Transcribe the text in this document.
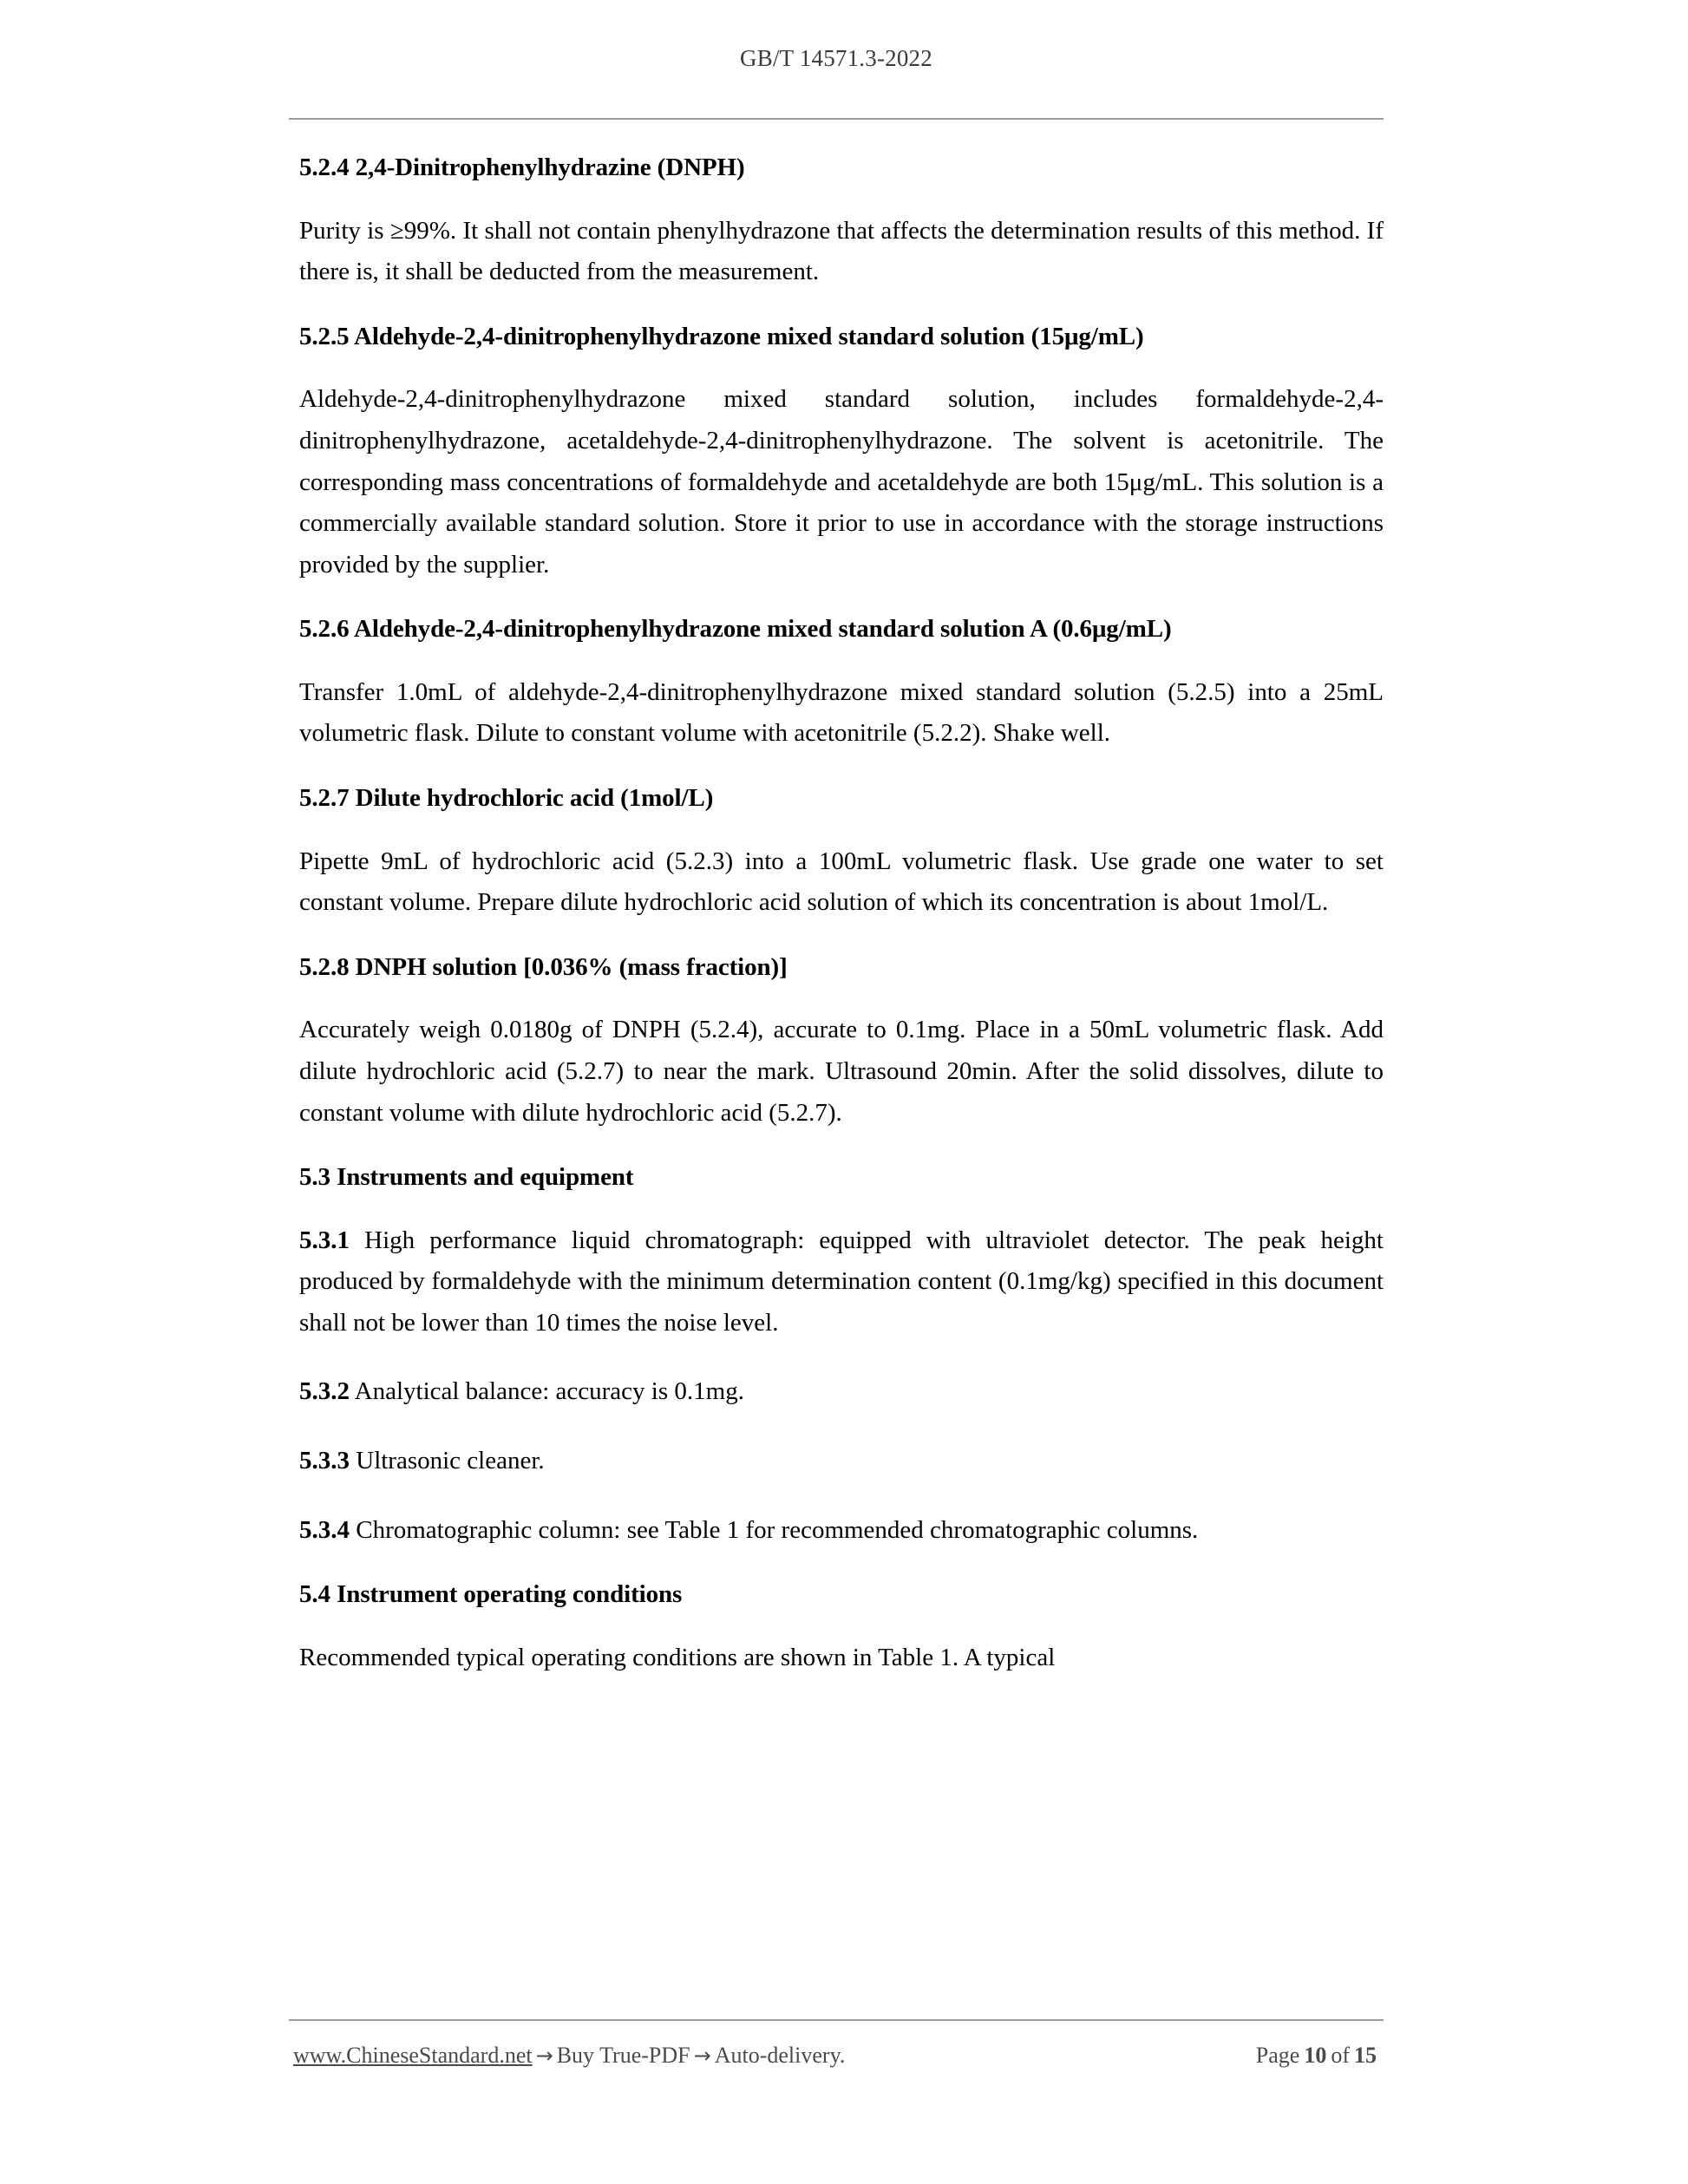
GB/T 14571.3-2022
5.2.4 2,4-Dinitrophenylhydrazine (DNPH)

Purity is ≥99%. It shall not contain phenylhydrazone that affects the determination results of this method. If there is, it shall be deducted from the measurement.

5.2.5 Aldehyde-2,4-dinitrophenylhydrazone mixed standard solution (15μg/mL)

Aldehyde-2,4-dinitrophenylhydrazone mixed standard solution, includes formaldehyde-2,4-dinitrophenylhydrazone, acetaldehyde-2,4-dinitrophenylhydrazone. The solvent is acetonitrile. The corresponding mass concentrations of formaldehyde and acetaldehyde are both 15μg/mL. This solution is a commercially available standard solution. Store it prior to use in accordance with the storage instructions provided by the supplier.

5.2.6 Aldehyde-2,4-dinitrophenylhydrazone mixed standard solution A (0.6μg/mL)

Transfer 1.0mL of aldehyde-2,4-dinitrophenylhydrazone mixed standard solution (5.2.5) into a 25mL volumetric flask. Dilute to constant volume with acetonitrile (5.2.2). Shake well.

5.2.7 Dilute hydrochloric acid (1mol/L)

Pipette 9mL of hydrochloric acid (5.2.3) into a 100mL volumetric flask. Use grade one water to set constant volume. Prepare dilute hydrochloric acid solution of which its concentration is about 1mol/L.

5.2.8 DNPH solution [0.036% (mass fraction)]

Accurately weigh 0.0180g of DNPH (5.2.4), accurate to 0.1mg. Place in a 50mL volumetric flask. Add dilute hydrochloric acid (5.2.7) to near the mark. Ultrasound 20min. After the solid dissolves, dilute to constant volume with dilute hydrochloric acid (5.2.7).

5.3 Instruments and equipment

5.3.1 High performance liquid chromatograph: equipped with ultraviolet detector. The peak height produced by formaldehyde with the minimum determination content (0.1mg/kg) specified in this document shall not be lower than 10 times the noise level.

5.3.2 Analytical balance: accuracy is 0.1mg.

5.3.3 Ultrasonic cleaner.

5.3.4 Chromatographic column: see Table 1 for recommended chromatographic columns.

5.4 Instrument operating conditions

Recommended typical operating conditions are shown in Table 1. A typical

www.ChineseStandard.net → Buy True-PDF → Auto-delivery.	Page 10 of 15
